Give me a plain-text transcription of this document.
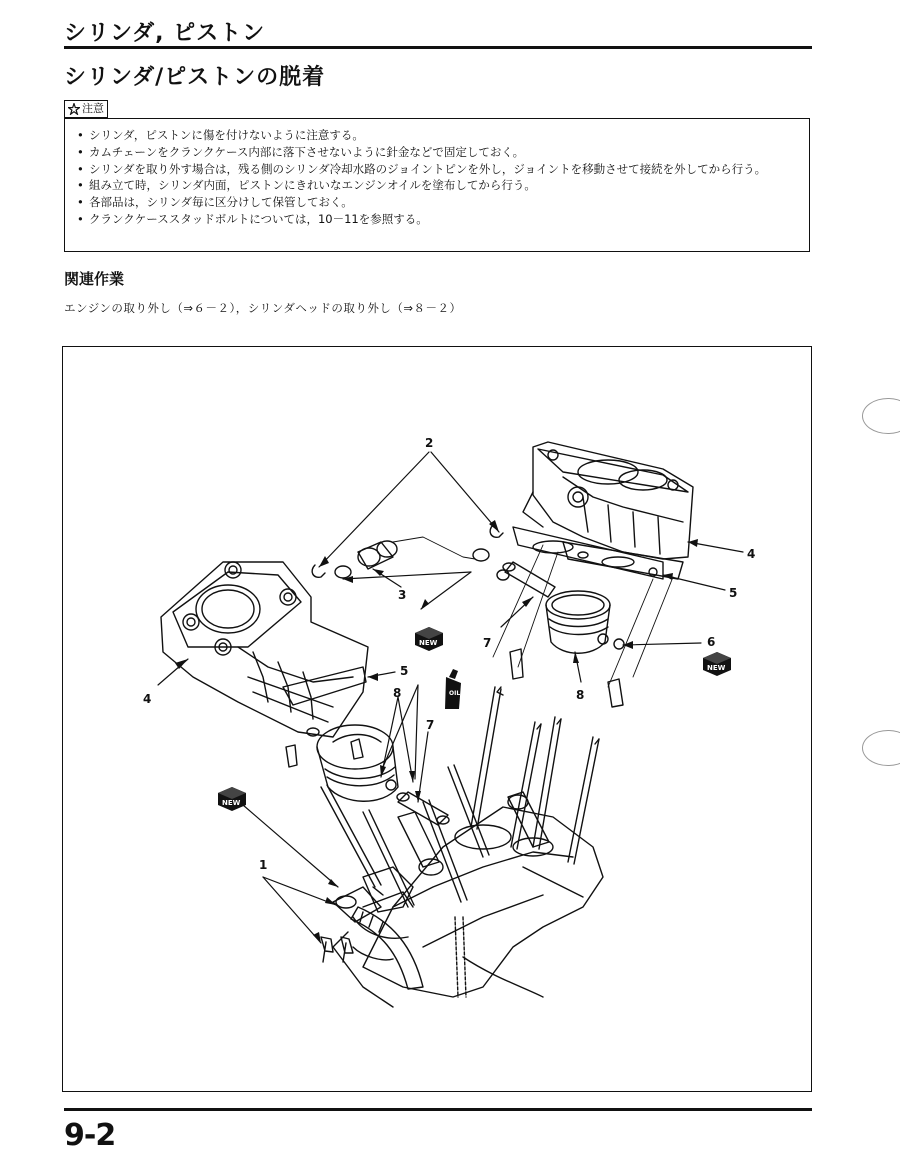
シリンダ, ピストン
シリンダ/ピストンの脱着
注意
• シリンダ，ピストンに傷を付けないように注意する。
• カムチェーンをクランクケース内部に落下させないように針金などで固定しておく。
• シリンダを取り外す場合は，残る側のシリンダ冷却水路のジョイントピンを外し，ジョイントを移動させて接続を外してから行う。
• 組み立て時，シリンダ内面，ピストンにきれいなエンジンオイルを塗布してから行う。
• 各部品は，シリンダ毎に区分けして保管しておく。
• クランクケーススタッドボルトについては，10－11を参照する。
関連作業
エンジンの取り外し（⇒６－２），シリンダヘッドの取り外し（⇒８－２）
OIL
NEW
NEW
NEW
2
3
4
5
5
6
7
8
4	8
7
1
9-2
